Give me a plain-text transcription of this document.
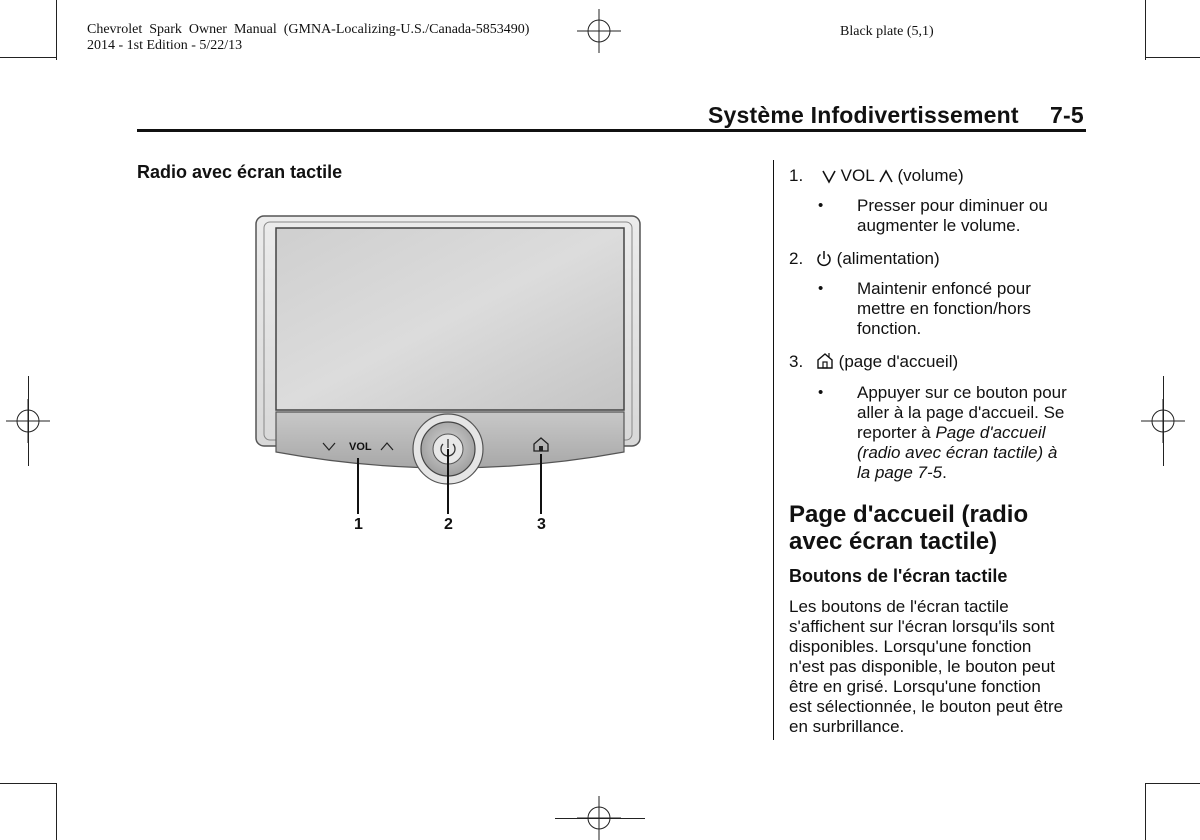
Chevrolet  Spark  Owner  Manual  (GMNA-Localizing-U.S./Canada-5853490)
2014 - 1st Edition - 5/22/13
Black plate (5,1)
Système Infodivertissement 7-5
Radio avec écran tactile
VOL
1	2	3
1. VOL (volume)
• Presser pour diminuer ou
augmenter le volume.
2. (alimentation)
• Maintenir enfoncé pour
mettre en fonction/hors
fonction.
3. (page d'accueil)
• Appuyer sur ce bouton pour
aller à la page d'accueil. Se
reporter à Page d'accueil
(radio avec écran tactile) à
la page 7-5.
Page d'accueil (radio
avec écran tactile)
Boutons de l'écran tactile
Les boutons de l'écran tactile
s'affichent sur l'écran lorsqu'ils sont
disponibles. Lorsqu'une fonction
n'est pas disponible, le bouton peut
être en grisé. Lorsqu'une fonction
est sélectionnée, le bouton peut être
en surbrillance.
